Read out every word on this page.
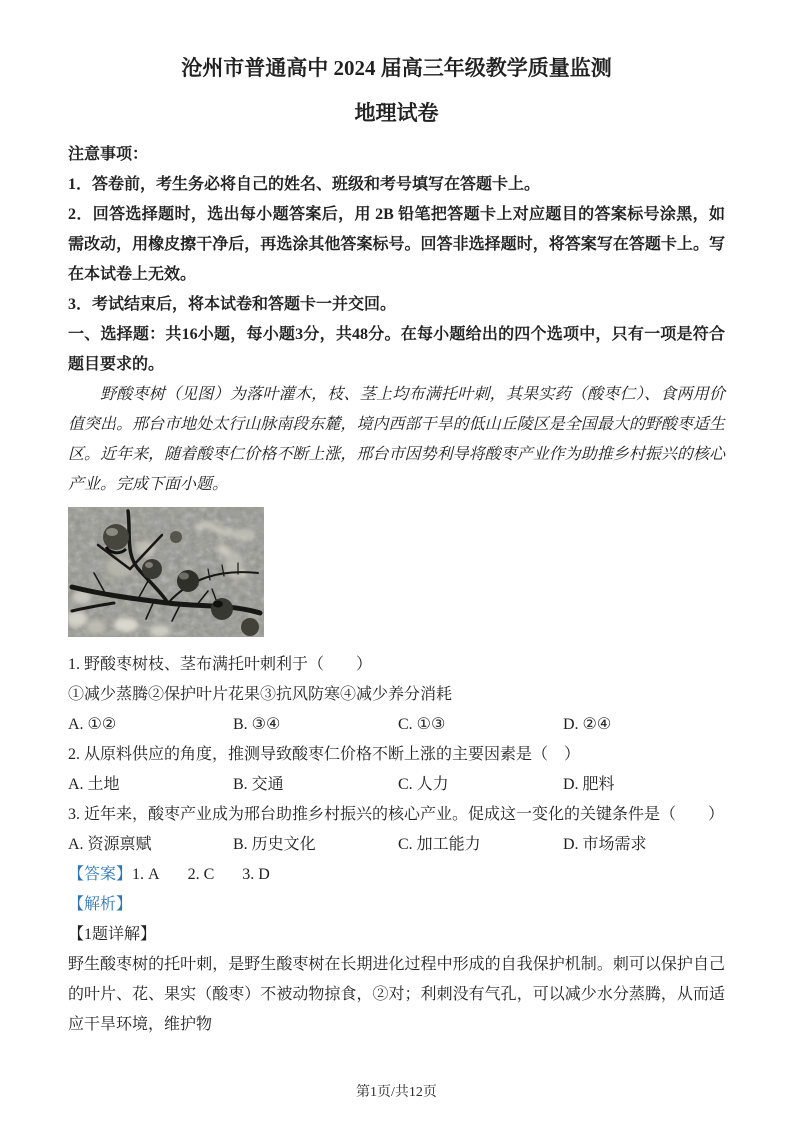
沧州市普通高中 2024 届高三年级教学质量监测
地理试卷

注意事项：

1．答卷前，考生务必将自己的姓名、班级和考号填写在答题卡上。

2．回答选择题时，选出每小题答案后，用 2B 铅笔把答题卡上对应题目的答案标号涂黑，如需改动，用橡皮擦干净后，再选涂其他答案标号。回答非选择题时，将答案写在答题卡上。写在本试卷上无效。

3．考试结束后，将本试卷和答题卡一并交回。

一、选择题：共16小题，每小题3分，共48分。在每小题给出的四个选项中，只有一项是符合题目要求的。

野酸枣树（见图）为落叶灌木，枝、茎上均布满托叶刺，其果实药（酸枣仁）、食两用价值突出。邢台市地处太行山脉南段东麓，境内西部干旱的低山丘陵区是全国最大的野酸枣适生区。近年来，随着酸枣仁价格不断上涨，邢台市因势利导将酸枣产业作为助推乡村振兴的核心产业。完成下面小题。

1. 野酸枣树枝、茎布满托叶刺利于（　　）

①减少蒸腾②保护叶片花果③抗风防寒④减少养分消耗

A. ①②	B. ③④	C. ①③	D. ②④

2. 从原料供应的角度，推测导致酸枣仁价格不断上涨的主要因素是（　）

A. 土地	B. 交通	C. 人力	D. 肥料

3. 近年来，酸枣产业成为邢台助推乡村振兴的核心产业。促成这一变化的关键条件是（　　）

A. 资源禀赋	B. 历史文化	C. 加工能力	D. 市场需求

【答案】1. A 2. C 3. D

【解析】

【1题详解】

野生酸枣树的托叶刺，是野生酸枣树在长期进化过程中形成的自我保护机制。刺可以保护自己的叶片、花、果实（酸枣）不被动物掠食，②对；利刺没有气孔，可以减少水分蒸腾，从而适应干旱环境，维护物

第1页/共12页
